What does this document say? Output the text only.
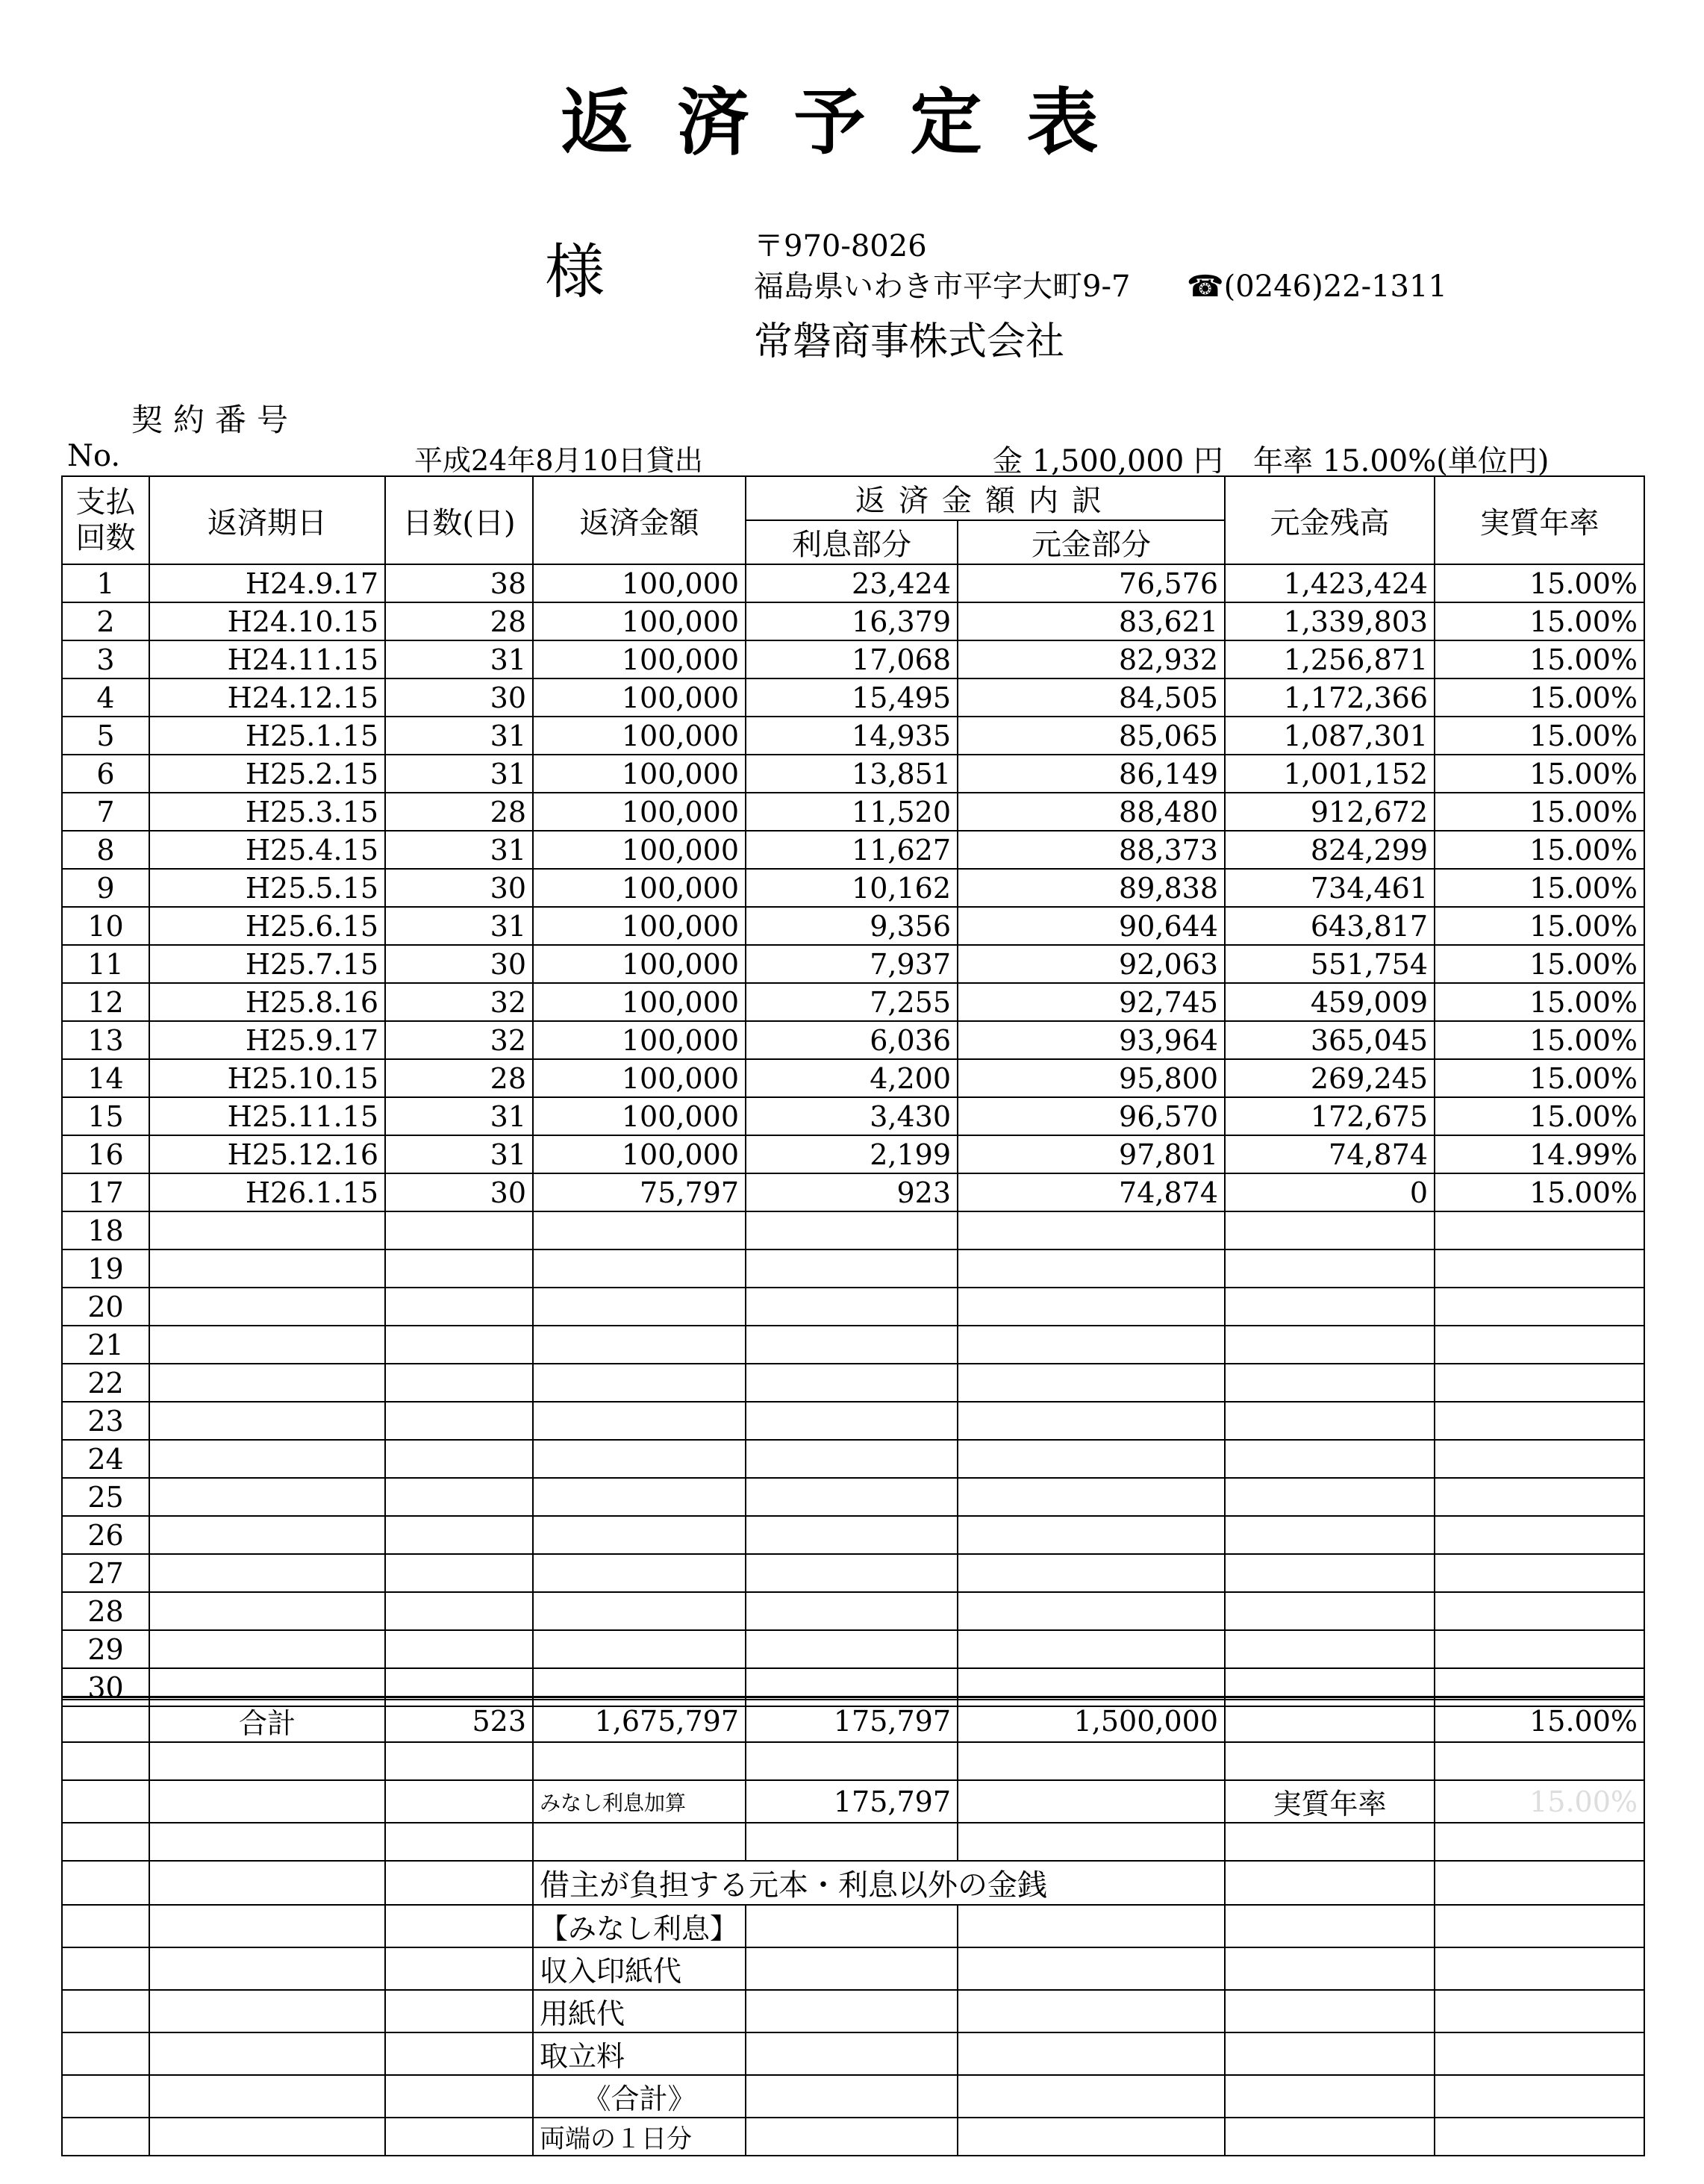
返済予定表
様	〒970-8026
福島県いわき市平字大町9-7 ☎(0246)22-1311
常磐商事株式会社
契約番号
No.	平成24年8月10日貸出	金 1,500,000 円　年率 15.00%(単位円)
支払回数	返済期日	日数(日)	返済金額	返済金額内訳		元金残高	実質年率
				利息部分	元金部分		
1	H24.9.17	38	100,000	23,424	76,576	1,423,424	15.00%
2	H24.10.15	28	100,000	16,379	83,621	1,339,803	15.00%
3	H24.11.15	31	100,000	17,068	82,932	1,256,871	15.00%
4	H24.12.15	30	100,000	15,495	84,505	1,172,366	15.00%
5	H25.1.15	31	100,000	14,935	85,065	1,087,301	15.00%
6	H25.2.15	31	100,000	13,851	86,149	1,001,152	15.00%
7	H25.3.15	28	100,000	11,520	88,480	912,672	15.00%
8	H25.4.15	31	100,000	11,627	88,373	824,299	15.00%
9	H25.5.15	30	100,000	10,162	89,838	734,461	15.00%
10	H25.6.15	31	100,000	9,356	90,644	643,817	15.00%
11	H25.7.15	30	100,000	7,937	92,063	551,754	15.00%
12	H25.8.16	32	100,000	7,255	92,745	459,009	15.00%
13	H25.9.17	32	100,000	6,036	93,964	365,045	15.00%
14	H25.10.15	28	100,000	4,200	95,800	269,245	15.00%
15	H25.11.15	31	100,000	3,430	96,570	172,675	15.00%
16	H25.12.16	31	100,000	2,199	97,801	74,874	14.99%
17	H26.1.15	30	75,797	923	74,874	0	15.00%
18							
19							
20							
21							
22							
23							
24							
25							
26							
27							
28							
29							
30							
	合計	523	1,675,797	175,797	1,500,000		15.00%

			みなし利息加算	175,797		実質年率	15.00%

			借主が負担する元本・利息以外の金銭				
			【みなし利息】				
			収入印紙代				
			用紙代				
			取立料				
			《合計》				
			両端の１日分				
